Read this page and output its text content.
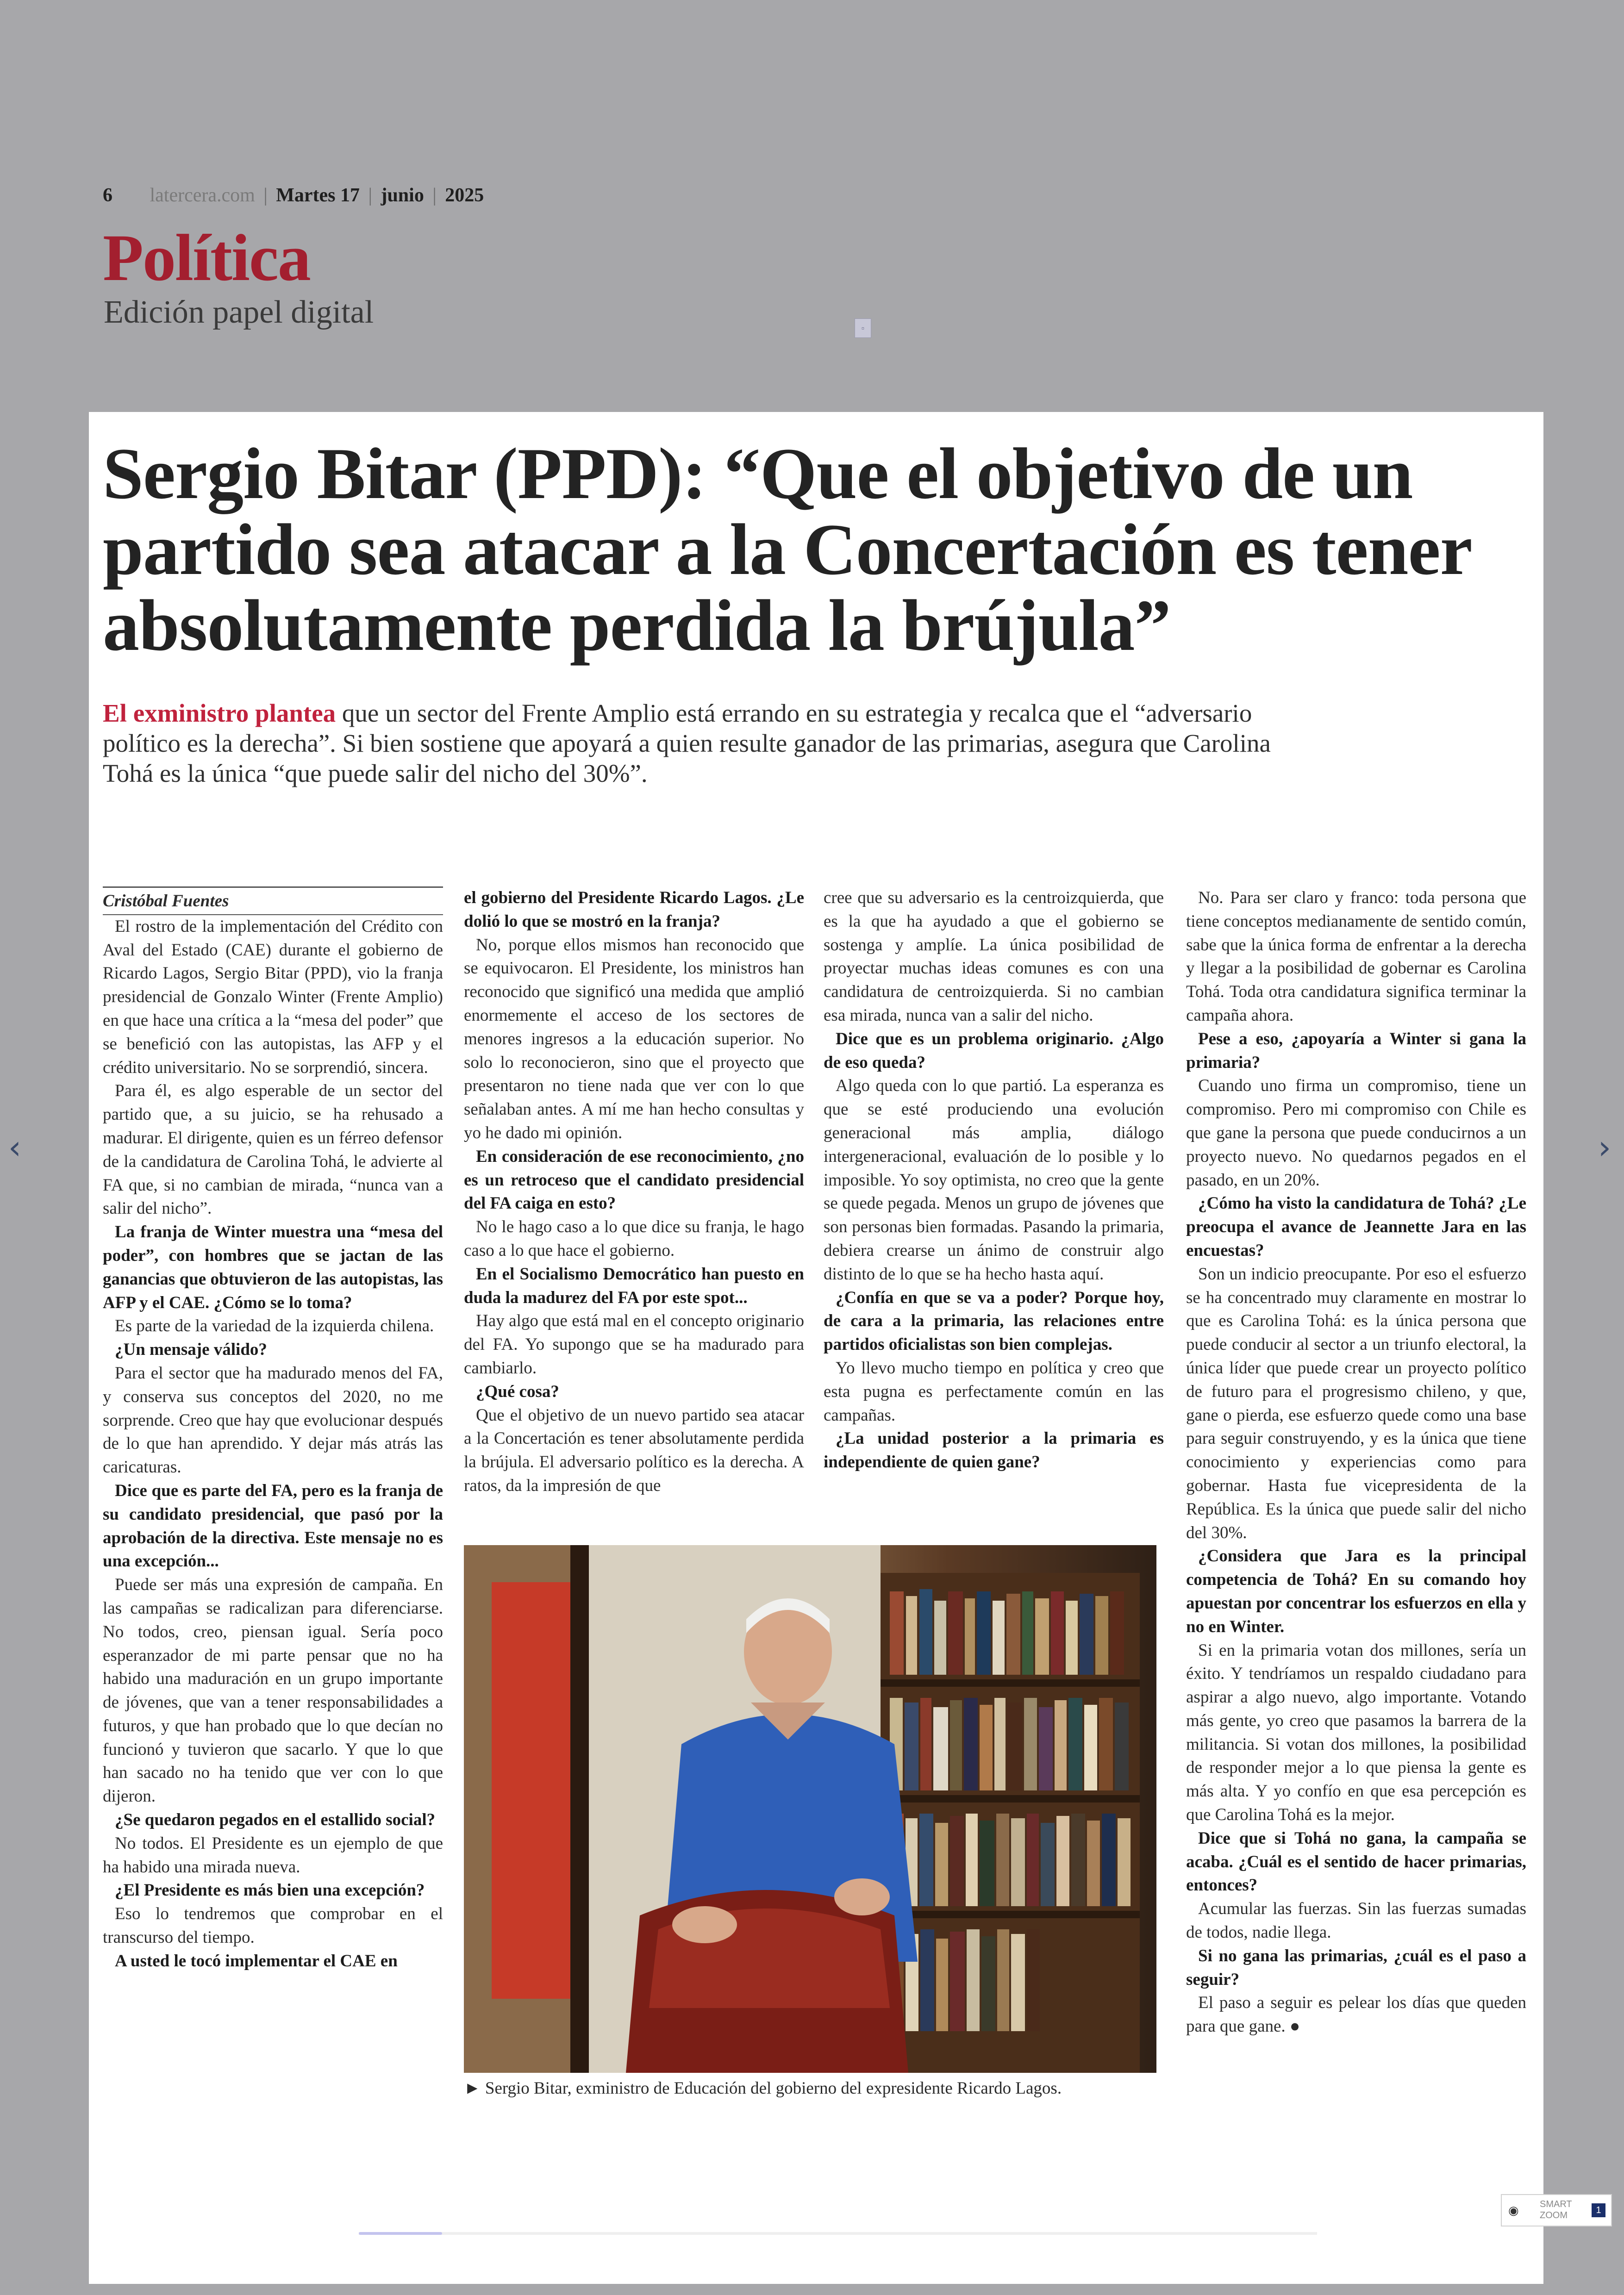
6 latercera.com | Martes 17 | junio | 2025
Política
Edición papel digital	▫
‹	›
Sergio Bitar (PPD): “Que el objetivo de un partido sea atacar a la Concertación es tener absolutamente perdida la brújula”

El exministro plantea que un sector del Frente Amplio está errando en su estrategia y recalca que el “adversario político es la derecha”. Si bien sostiene que apoyará a quien resulte ganador de las primarias, asegura que Carolina Tohá es la única “que puede salir del nicho del 30%”.

Cristóbal Fuentes

El rostro de la implementación del Crédito con Aval del Estado (CAE) durante el gobierno de Ricardo Lagos, Sergio Bitar (PPD), vio la franja presidencial de Gonzalo Winter (Frente Amplio) en que hace una crítica a la “mesa del poder” que se benefició con las autopistas, las AFP y el crédito universitario. No se sorprendió, sincera.

Para él, es algo esperable de un sector del partido que, a su juicio, se ha rehusado a madurar. El dirigente, quien es un férreo defensor de la candidatura de Carolina Tohá, le advierte al FA que, si no cambian de mirada, “nunca van a salir del nicho”.

La franja de Winter muestra una “mesa del poder”, con hombres que se jactan de las ganancias que obtuvieron de las autopistas, las AFP y el CAE. ¿Cómo se lo toma?

Es parte de la variedad de la izquierda chilena.

¿Un mensaje válido?

Para el sector que ha madurado menos del FA, y conserva sus conceptos del 2020, no me sorprende. Creo que hay que evolucionar después de lo que han aprendido. Y dejar más atrás las caricaturas.

Dice que es parte del FA, pero es la franja de su candidato presidencial, que pasó por la aprobación de la directiva. Este mensaje no es una excepción...

Puede ser más una expresión de campaña. En las campañas se radicalizan para diferenciarse. No todos, creo, piensan igual. Sería poco esperanzador de mi parte pensar que no ha habido una maduración en un grupo importante de jóvenes, que van a tener responsabilidades a futuros, y que han probado que lo que decían no funcionó y tuvieron que sacarlo. Y que lo que han sacado no ha tenido que ver con lo que dijeron.

¿Se quedaron pegados en el estallido social?

No todos. El Presidente es un ejemplo de que ha habido una mirada nueva.

¿El Presidente es más bien una excepción?

Eso lo tendremos que comprobar en el transcurso del tiempo.

A usted le tocó implementar el CAE en

el gobierno del Presidente Ricardo Lagos. ¿Le dolió lo que se mostró en la franja?

No, porque ellos mismos han reconocido que se equivocaron. El Presidente, los ministros han reconocido que significó una medida que amplió enormemente el acceso de los sectores de menores ingresos a la educación superior. No solo lo reconocieron, sino que el proyecto que presentaron no tiene nada que ver con lo que señalaban antes. A mí me han hecho consultas y yo he dado mi opinión.

En consideración de ese reconocimiento, ¿no es un retroceso que el candidato presidencial del FA caiga en esto?

No le hago caso a lo que dice su franja, le hago caso a lo que hace el gobierno.

En el Socialismo Democrático han puesto en duda la madurez del FA por este spot...

Hay algo que está mal en el concepto originario del FA. Yo supongo que se ha madurado para cambiarlo.

¿Qué cosa?

Que el objetivo de un nuevo partido sea atacar a la Concertación es tener absolutamente perdida la brújula. El adversario político es la derecha. A ratos, da la impresión de que

cree que su adversario es la centroizquierda, que es la que ha ayudado a que el gobierno se sostenga y amplíe. La única posibilidad de proyectar muchas ideas comunes es con una candidatura de centroizquierda. Si no cambian esa mirada, nunca van a salir del nicho.

Dice que es un problema originario. ¿Algo de eso queda?

Algo queda con lo que partió. La esperanza es que se esté produciendo una evolución generacional más amplia, diálogo intergeneracional, evaluación de lo posible y lo imposible. Yo soy optimista, no creo que la gente se quede pegada. Menos un grupo de jóvenes que son personas bien formadas. Pasando la primaria, debiera crearse un ánimo de construir algo distinto de lo que se ha hecho hasta aquí.

¿Confía en que se va a poder? Porque hoy, de cara a la primaria, las relaciones entre partidos oficialistas son bien complejas.

Yo llevo mucho tiempo en política y creo que esta pugna es perfectamente común en las campañas.

¿La unidad posterior a la primaria es independiente de quien gane?

No. Para ser claro y franco: toda persona que tiene conceptos medianamente de sentido común, sabe que la única forma de enfrentar a la derecha y llegar a la posibilidad de gobernar es Carolina Tohá. Toda otra candidatura significa terminar la campaña ahora.

Pese a eso, ¿apoyaría a Winter si gana la primaria?

Cuando uno firma un compromiso, tiene un compromiso. Pero mi compromiso con Chile es que gane la persona que puede conducirnos a un proyecto nuevo. No quedarnos pegados en el pasado, en un 20%.

¿Cómo ha visto la candidatura de Tohá? ¿Le preocupa el avance de Jeannette Jara en las encuestas?

Son un indicio preocupante. Por eso el esfuerzo se ha concentrado muy claramente en mostrar lo que es Carolina Tohá: es la única persona que puede conducir al sector a un triunfo electoral, la única líder que puede crear un proyecto político de futuro para el progresismo chileno, y que, gane o pierda, ese esfuerzo quede como una base para seguir construyendo, y es la única que tiene conocimiento y experiencias como para gobernar. Hasta fue vicepresidenta de la República. Es la única que puede salir del nicho del 30%.

¿Considera que Jara es la principal competencia de Tohá? En su comando hoy apuestan por concentrar los esfuerzos en ella y no en Winter.

Si en la primaria votan dos millones, sería un éxito. Y tendríamos un respaldo ciudadano para aspirar a algo nuevo, algo importante. Votando más gente, yo creo que pasamos la barrera de la militancia. Si votan dos millones, la posibilidad de responder mejor a lo que piensa la gente es más alta. Y yo confío en que esa percepción es que Carolina Tohá es la mejor.

Dice que si Tohá no gana, la campaña se acaba. ¿Cuál es el sentido de hacer primarias, entonces?

Acumular las fuerzas. Sin las fuerzas sumadas de todos, nadie llega.

Si no gana las primarias, ¿cuál es el paso a seguir?

El paso a seguir es pelear los días que queden para que gane. ●

► Sergio Bitar, exministro de Educación del gobierno del expresidente Ricardo Lagos.
◉ SMART
ZOOM	1
